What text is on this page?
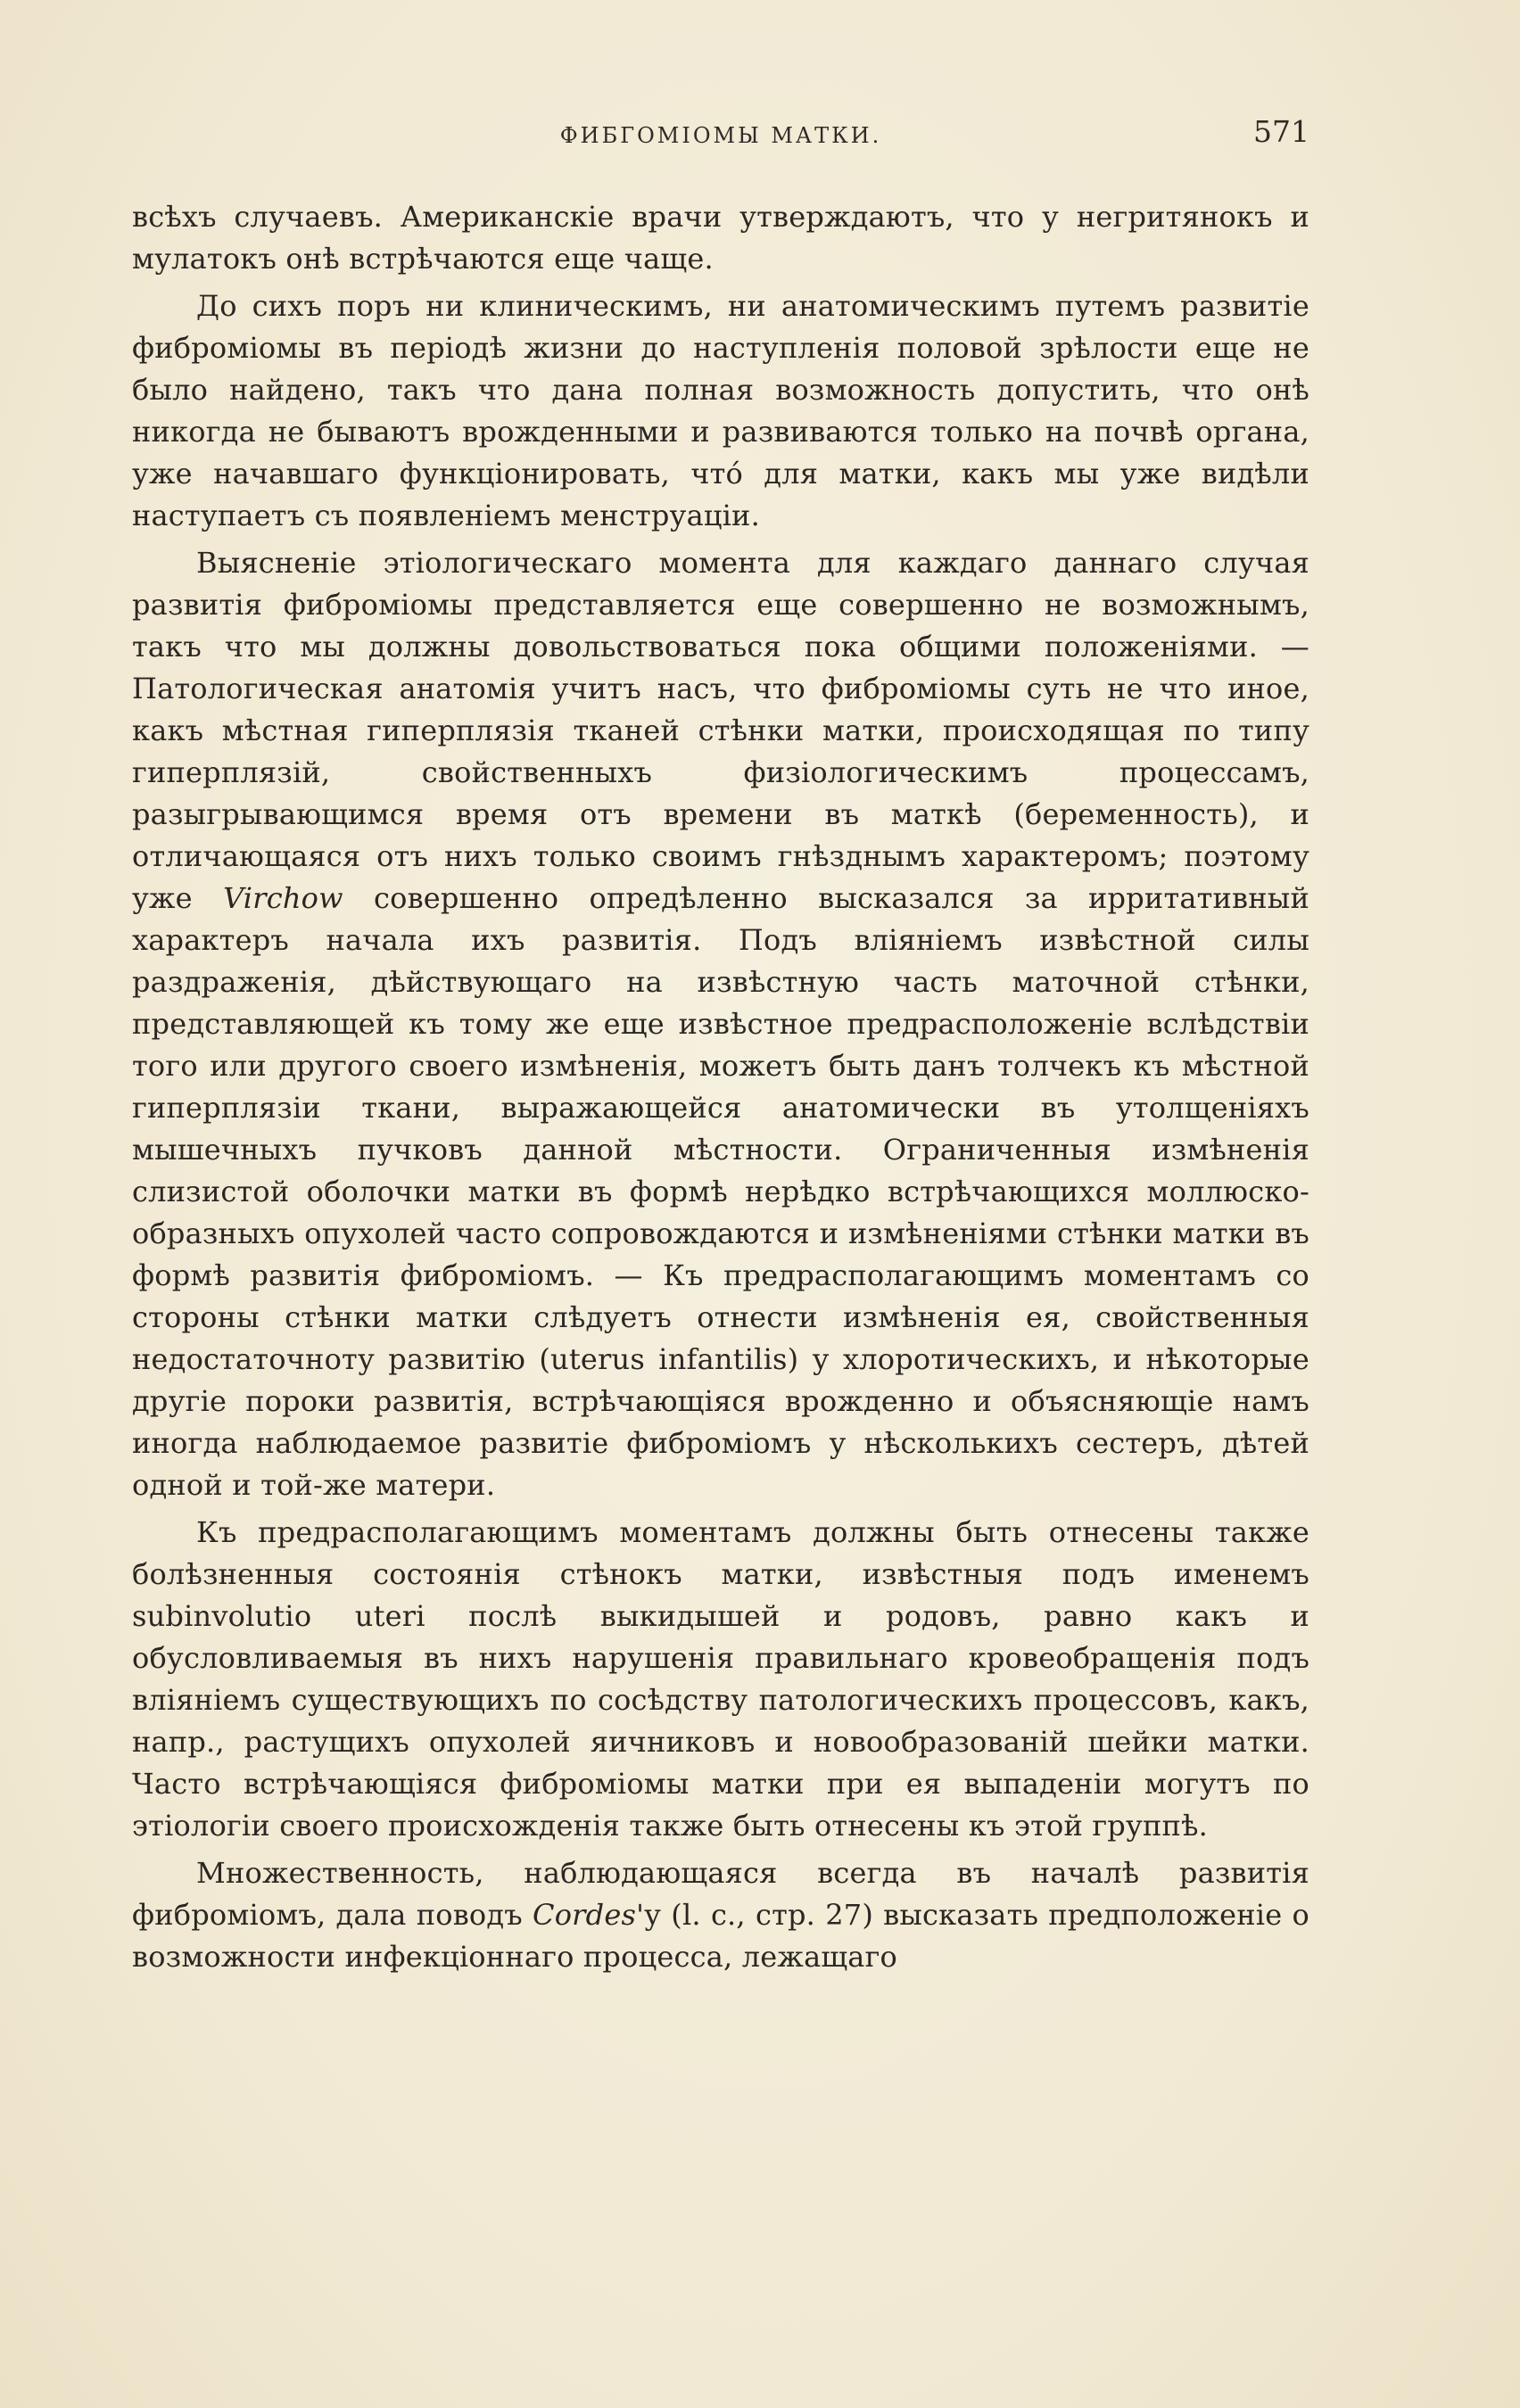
ФИБГОМІОМЫ МАТКИ.	571

всѣхъ случаевъ. Американскіе врачи утверждаютъ, что у негритянокъ и мулатокъ онѣ встрѣчаются еще чаще.

До сихъ поръ ни клиническимъ, ни анатомическимъ путемъ развитіе фиброміомы въ періодѣ жизни до наступленія половой зрѣлости еще не было найдено, такъ что дана полная возможность допустить, что онѣ никогда не бываютъ врожденными и развиваются только на почвѣ органа, уже начавшаго функціонировать, что́ для матки, какъ мы уже видѣли наступаетъ съ появленіемъ менструаціи.

Выясненіе этіологическаго момента для каждаго даннаго случая развитія фиброміомы представляется еще совершенно не возможнымъ, такъ что мы должны довольствоваться пока общими положеніями. — Патологическая анатомія учитъ насъ, что фиброміомы суть не что иное, какъ мѣстная гиперплязія тканей стѣнки матки, происходящая по типу гиперплязій, свойственныхъ физіологическимъ процессамъ, разыгрывающимся время отъ времени въ маткѣ (беременность), и отличающаяся отъ нихъ только своимъ гнѣзднымъ характеромъ; поэтому уже Virchow совершенно опредѣленно высказался за ирритативный характеръ начала ихъ развитія. Подъ вліяніемъ извѣстной силы раздраженія, дѣйствующаго на извѣстную часть маточной стѣнки, представляющей къ тому же еще извѣстное предрасположеніе вслѣдствіи того или другого своего измѣненія, можетъ быть данъ толчекъ къ мѣстной гиперплязіи ткани, выражающейся анатомически въ утолщеніяхъ мышечныхъ пучковъ данной мѣстности. Ограниченныя измѣненія слизистой оболочки матки въ формѣ нерѣдко встрѣчающихся моллюско-образныхъ опухолей часто сопровождаются и измѣненіями стѣнки матки въ формѣ развитія фиброміомъ. — Къ предрасполагающимъ моментамъ со стороны стѣнки матки слѣдуетъ отнести измѣненія ея, свойственныя недостаточноту развитію (uterus infantilis) у хлоротическихъ, и нѣкоторые другіе пороки развитія, встрѣчающіяся врожденно и объясняющіе намъ иногда наблюдаемое развитіе фиброміомъ у нѣсколькихъ сестеръ, дѣтей одной и той-же матери.

Къ предрасполагающимъ моментамъ должны быть отнесены также болѣзненныя состоянія стѣнокъ матки, извѣстныя подъ именемъ subinvolutio uteri послѣ выкидышей и родовъ, равно какъ и обусловливаемыя въ нихъ нарушенія правильнаго кровеобращенія подъ вліяніемъ существующихъ по сосѣдству патологическихъ процессовъ, какъ, напр., растущихъ опухолей яичниковъ и новообразованій шейки матки. Часто встрѣчающіяся фиброміомы матки при ея выпаденіи могутъ по этіологіи своего происхожденія также быть отнесены къ этой группѣ.

Множественность, наблюдающаяся всегда въ началѣ развитія фиброміомъ, дала поводъ Cordes'у (l. c., стр. 27) высказать предположеніе о возможности инфекціоннаго процесса, лежащаго
